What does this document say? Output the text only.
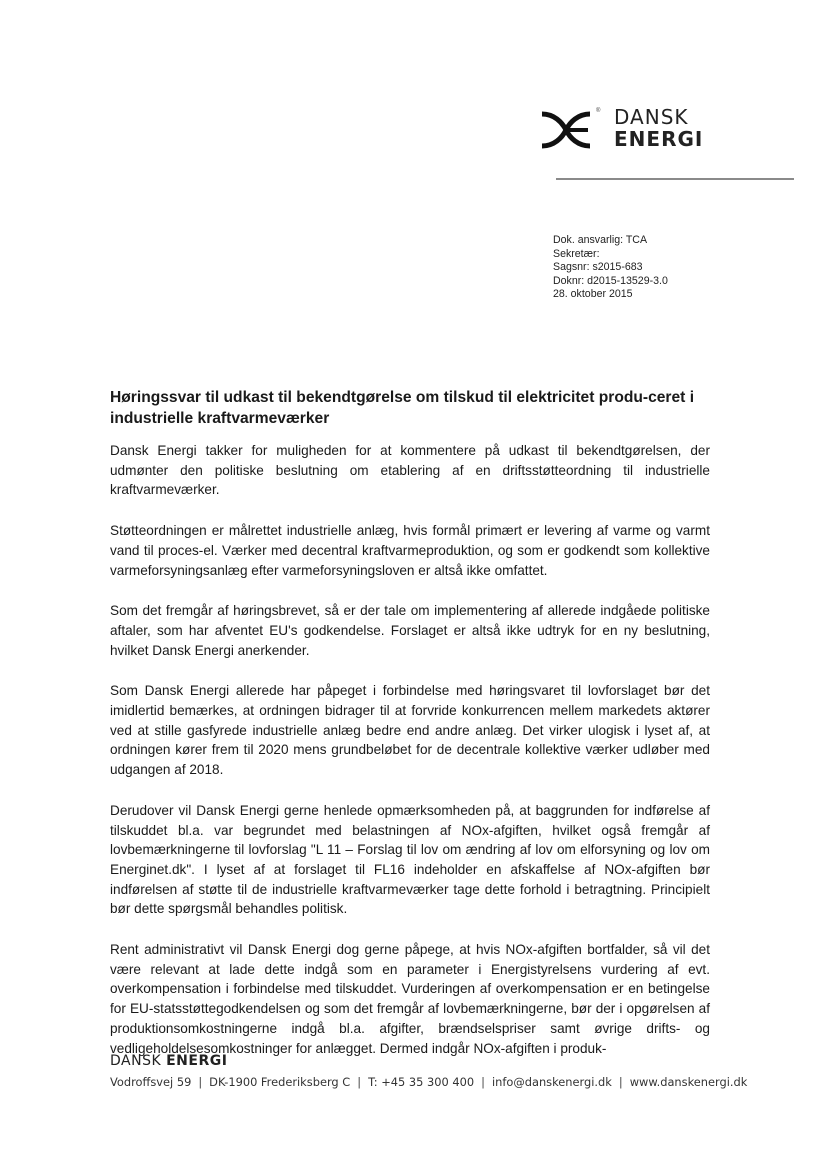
® DANSK
ENERGI
Dok. ansvarlig: TCA
Sekretær:
Sagsnr: s2015-683
Doknr: d2015-13529-3.0
28. oktober 2015
Høringssvar til udkast til bekendtgørelse om tilskud til elektricitet produ-ceret i industrielle kraftvarmeværker

Dansk Energi takker for muligheden for at kommentere på udkast til bekendtgørelsen, der udmønter den politiske beslutning om etablering af en driftsstøtteordning til industrielle kraftvarmeværker.

Støtteordningen er målrettet industrielle anlæg, hvis formål primært er levering af varme og varmt vand til proces-el. Værker med decentral kraftvarmeproduktion, og som er godkendt som kollektive varmeforsyningsanlæg efter varmeforsyningsloven er altså ikke omfattet.

Som det fremgår af høringsbrevet, så er der tale om implementering af allerede indgåede politiske aftaler, som har afventet EU's godkendelse. Forslaget er altså ikke udtryk for en ny beslutning, hvilket Dansk Energi anerkender.

Som Dansk Energi allerede har påpeget i forbindelse med høringsvaret til lovforslaget bør det imidlertid bemærkes, at ordningen bidrager til at forvride konkurrencen mellem markedets aktører ved at stille gasfyrede industrielle anlæg bedre end andre anlæg. Det virker ulogisk i lyset af, at ordningen kører frem til 2020 mens grundbeløbet for de decentrale kollektive værker udløber med udgangen af 2018.

Derudover vil Dansk Energi gerne henlede opmærksomheden på, at baggrunden for indførelse af tilskuddet bl.a. var begrundet med belastningen af NOx-afgiften, hvilket også fremgår af lovbemærkningerne til lovforslag "L 11 – Forslag til lov om ændring af lov om elforsyning og lov om Energinet.dk". I lyset af at forslaget til FL16 indeholder en afskaffelse af NOx-afgiften bør indførelsen af støtte til de industrielle kraftvarmeværker tage dette forhold i betragtning. Principielt bør dette spørgsmål behandles politisk.

Rent administrativt vil Dansk Energi dog gerne påpege, at hvis NOx-afgiften bortfalder, så vil det være relevant at lade dette indgå som en parameter i Energistyrelsens vurdering af evt. overkompensation i forbindelse med tilskuddet. Vurderingen af overkompensation er en betingelse for EU-statsstøttegodkendelsen og som det fremgår af lovbemærkningerne, bør der i opgørelsen af produktionsomkostningerne indgå bl.a. afgifter, brændselspriser samt øvrige drifts- og vedligeholdelsesomkostninger for anlægget. Dermed indgår NOx-afgiften i produk-

DANSK ENERGI
Vodroffsvej 59 | DK-1900 Frederiksberg C | T: +45 35 300 400 | info@danskenergi.dk | www.danskenergi.dk
